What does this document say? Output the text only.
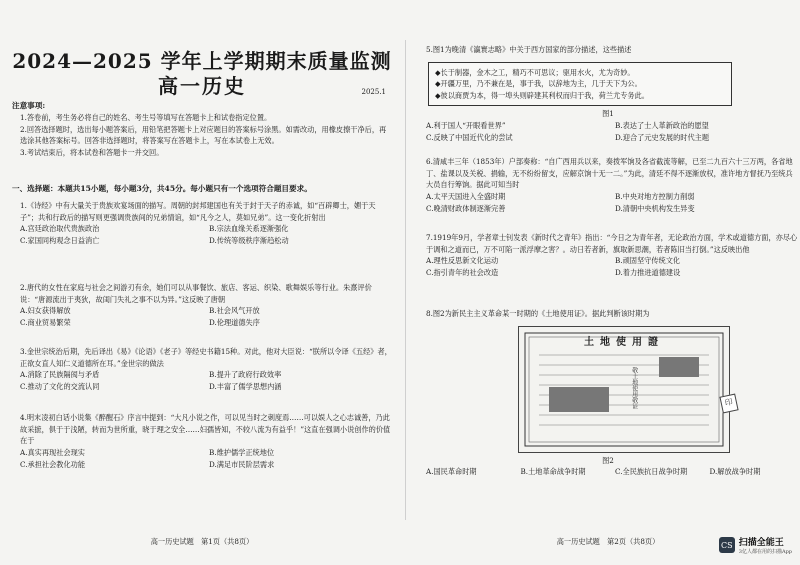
2024—2025 学年上学期期末质量监测
高一历史	2025.1
注意事项:
1.答卷前，考生务必将自己的姓名、考生号等填写在答题卡上和试卷指定位置。
2.回答选择题时，选出每小题答案后，用铅笔把答题卡上对应题目的答案标号涂黑。如需改动，用橡皮擦干净后，再选涂其他答案标号。回答非选择题时，将答案写在答题卡上，写在本试卷上无效。
3.考试结束后，将本试卷和答题卡一并交回。
一、选择题：本题共15小题，每小题3分，共45分。每小题只有一个选项符合题目要求。
1.《诗经》中有大量关于贵族欢宴场面的描写。周朝的封邦建国也有关于封于天子的赤诚，如“百辟卿士，媚于天子”；共和行政后的描写则更强调贵族间的兄弟情谊，如“凡今之人，莫如兄弟”。这一变化折射出
A.宫廷政治取代贵族政治	B.宗法血缘关系逐渐强化
C.家国同构观念日益消亡	D.传统等级秩序渐趋松动
2.唐代的女性在家庭与社会之间游刃有余，她们可以从事餐饮、旅店、客运、织染、歌舞娱乐等行业。朱熹评价说：“唐源流出于夷狄，故闺门失礼之事不以为异。”这反映了唐朝
A.妇女获得解放	B.社会风气开放
C.商业贸易繁荣	D.伦理道德失序
3.金世宗统治后期，先后译出《易》《论语》《老子》等经史书籍15种。对此，他对大臣说：“朕所以令译《五经》者，正欲女直人知仁义道德所在耳。”金世宗的做法
A.消除了民族隔阂与矛盾	B.提升了政府行政效率
C.推动了文化的交流认同	D.丰富了儒学思想内涵
4.明末凌初白话小说集《醉醒石》序言中提到：“大凡小说之作，可以见当时之刺度焉……可以娱人之心志诚善，乃此故采摭，俱于于浅陋，转而为世所重，晓于理之安全……妇孺皆知，不较八流为有益乎！”这直在强调小说创作的价值在于
A.真实再现社会现实	B.维护儒学正统地位
C.承担社会教化功能	D.满足市民阶层需求
高一历史试题　第1页（共8页）
5.图1为晚清《瀛寰志略》中关于西方国家的部分描述，这些描述
◆长于制器，金木之工，精巧不可思议；驱用水火，尤为奇妙。
◆开疆万里，乃不兼在是，事于我，以辞地为主，几于天下为公。
◆彼以商贾为本，得一埠头则辟建其利权而归于我，荷兰尤专务此。
图1
A.利于国人“开眼看世界”	B.表达了士人革新政治的愿望
C.反映了中国近代化的尝试	D.迎合了元史发展的时代主题
6.清咸丰三年（1853年）户部奏称：“自广西用兵以来，奏拨军饷及各省截流等解，已至二九百六十三万两，各省地丁、盐课以及关税、捐输，无不纷纷留支，应解京饷十无一二。”为此，清廷不得不逐渐放权，准许地方督抚乃至统兵大员自行筹饷。据此可知当时
A.太平天国进入全盛时期	B.中央对地方控制力削弱
C.晚清财政体制逐渐完善	D.清朝中央机构发生异变
7.1919年9月，学者章士钊发表《新时代之青年》指出：“今日之为青年者，无论政治方面，学术或道德方面，亦尽心于调和之道而已，万不可陷一派浮摩之害？。动日若者新，旗取新思潮，若者陈旧当打倒。”这反映出他
A.理性反思新文化运动	B.顽固坚守传统文化
C.指引青年的社会改造	D.着力推进道德建设
8.图2为新民主主义革命某一时期的《土地使用证》。据此判断该时期为
土地使用證
敬土地使用敬证	印
图2
A.国民革命时期	B.土地革命战争时期	C.全民族抗日战争时期	D.解放战争时期
高一历史试题　第2页（共8页）	CS 扫描全能王
3亿人都在用的扫描App
